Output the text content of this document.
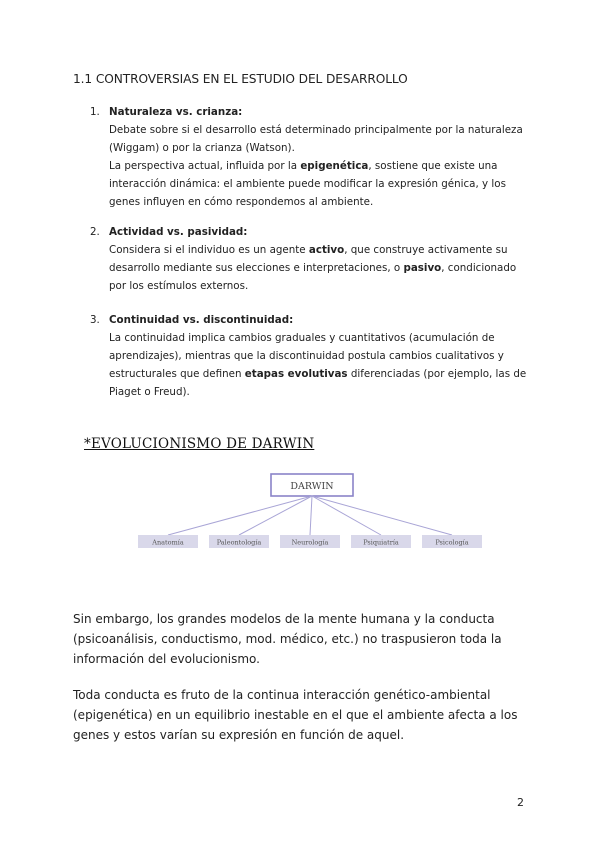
1.1 CONTROVERSIAS EN EL ESTUDIO DEL DESARROLLO
1. Naturaleza vs. crianza:

Debate sobre si el desarrollo está determinado principalmente por la naturaleza (Wiggam) o por la crianza (Watson).

La perspectiva actual, influida por la epigenética, sostiene que existe una interacción dinámica: el ambiente puede modificar la expresión génica, y los genes influyen en cómo respondemos al ambiente.

2. Actividad vs. pasividad:

Considera si el individuo es un agente activo, que construye activamente su desarrollo mediante sus elecciones e interpretaciones, o pasivo, condicionado por los estímulos externos.

3. Continuidad vs. discontinuidad:

La continuidad implica cambios graduales y cuantitativos (acumulación de aprendizajes), mientras que la discontinuidad postula cambios cualitativos y estructurales que definen etapas evolutivas diferenciadas (por ejemplo, las de Piaget o Freud).

*EVOLUCIONISMO DE DARWIN
DARWIN
Anatomía	Paleontología	Neurología	Psiquiatría	Psicología
Sin embargo, los grandes modelos de la mente humana y la conducta (psicoanálisis, conductismo, mod. médico, etc.) no traspusieron toda la información del evolucionismo.
Toda conducta es fruto de la continua interacción genético-ambiental (epigenética) en un equilibrio inestable en el que el ambiente afecta a los genes y estos varían su expresión en función de aquel.
2
